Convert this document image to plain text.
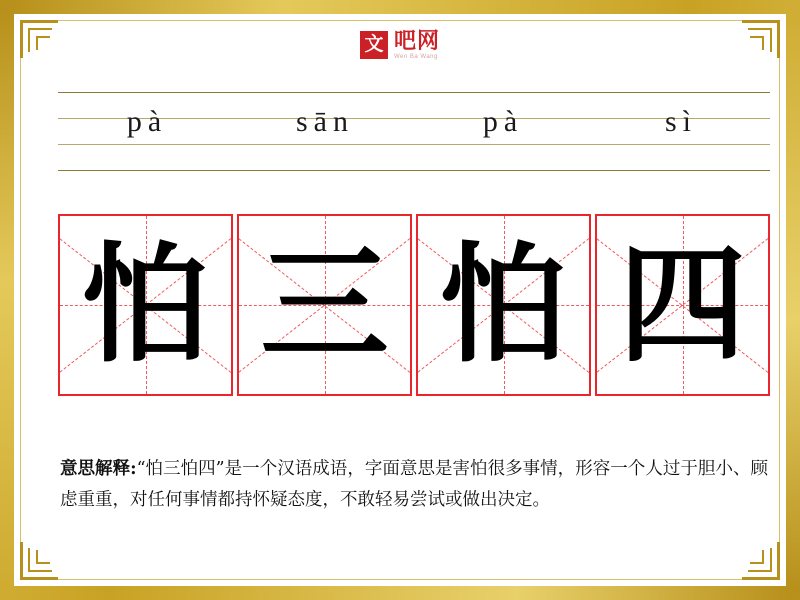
文 吧网
Wen Ba Wang
pà	sān	pà	sì
怕 三 怕 四
意思解释:“怕三怕四”是一个汉语成语，字面意思是害怕很多事情，形容一个人过于胆小、顾虑重重，对任何事情都持怀疑态度，不敢轻易尝试或做出决定。
